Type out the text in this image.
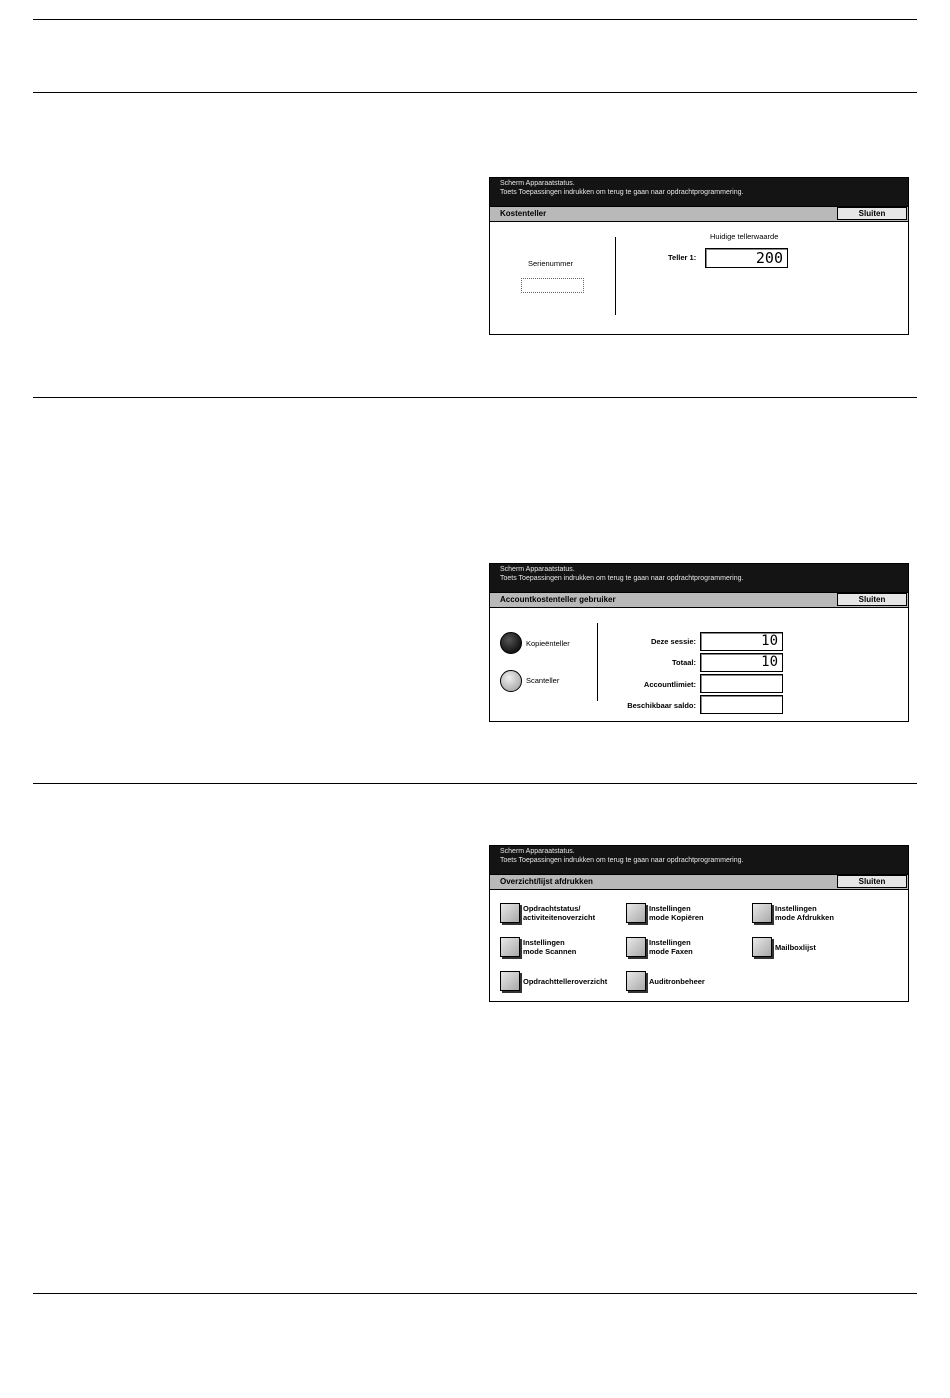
Scherm Apparaatstatus.
Toets Toepassingen indrukken om terug te gaan naar opdrachtprogrammering.
Kostenteller	Sluiten
Serienummer
Huidige tellerwaarde
Teller 1:	200
Scherm Apparaatstatus.
Toets Toepassingen indrukken om terug te gaan naar opdrachtprogrammering.
Accountkostenteller gebruiker	Sluiten
Kopieënteller
Scanteller
Deze sessie:	10
Totaal:	10
Accountlimiet:
Beschikbaar saldo:
Scherm Apparaatstatus.
Toets Toepassingen indrukken om terug te gaan naar opdrachtprogrammering.
Overzicht/lijst afdrukken	Sluiten
Opdrachtstatus/
activiteitenoverzicht
Instellingen
mode Kopiëren
Instellingen
mode Afdrukken
Instellingen
mode Scannen
Instellingen
mode Faxen	Mailboxlijst
Opdrachttelleroverzicht	Auditronbeheer
